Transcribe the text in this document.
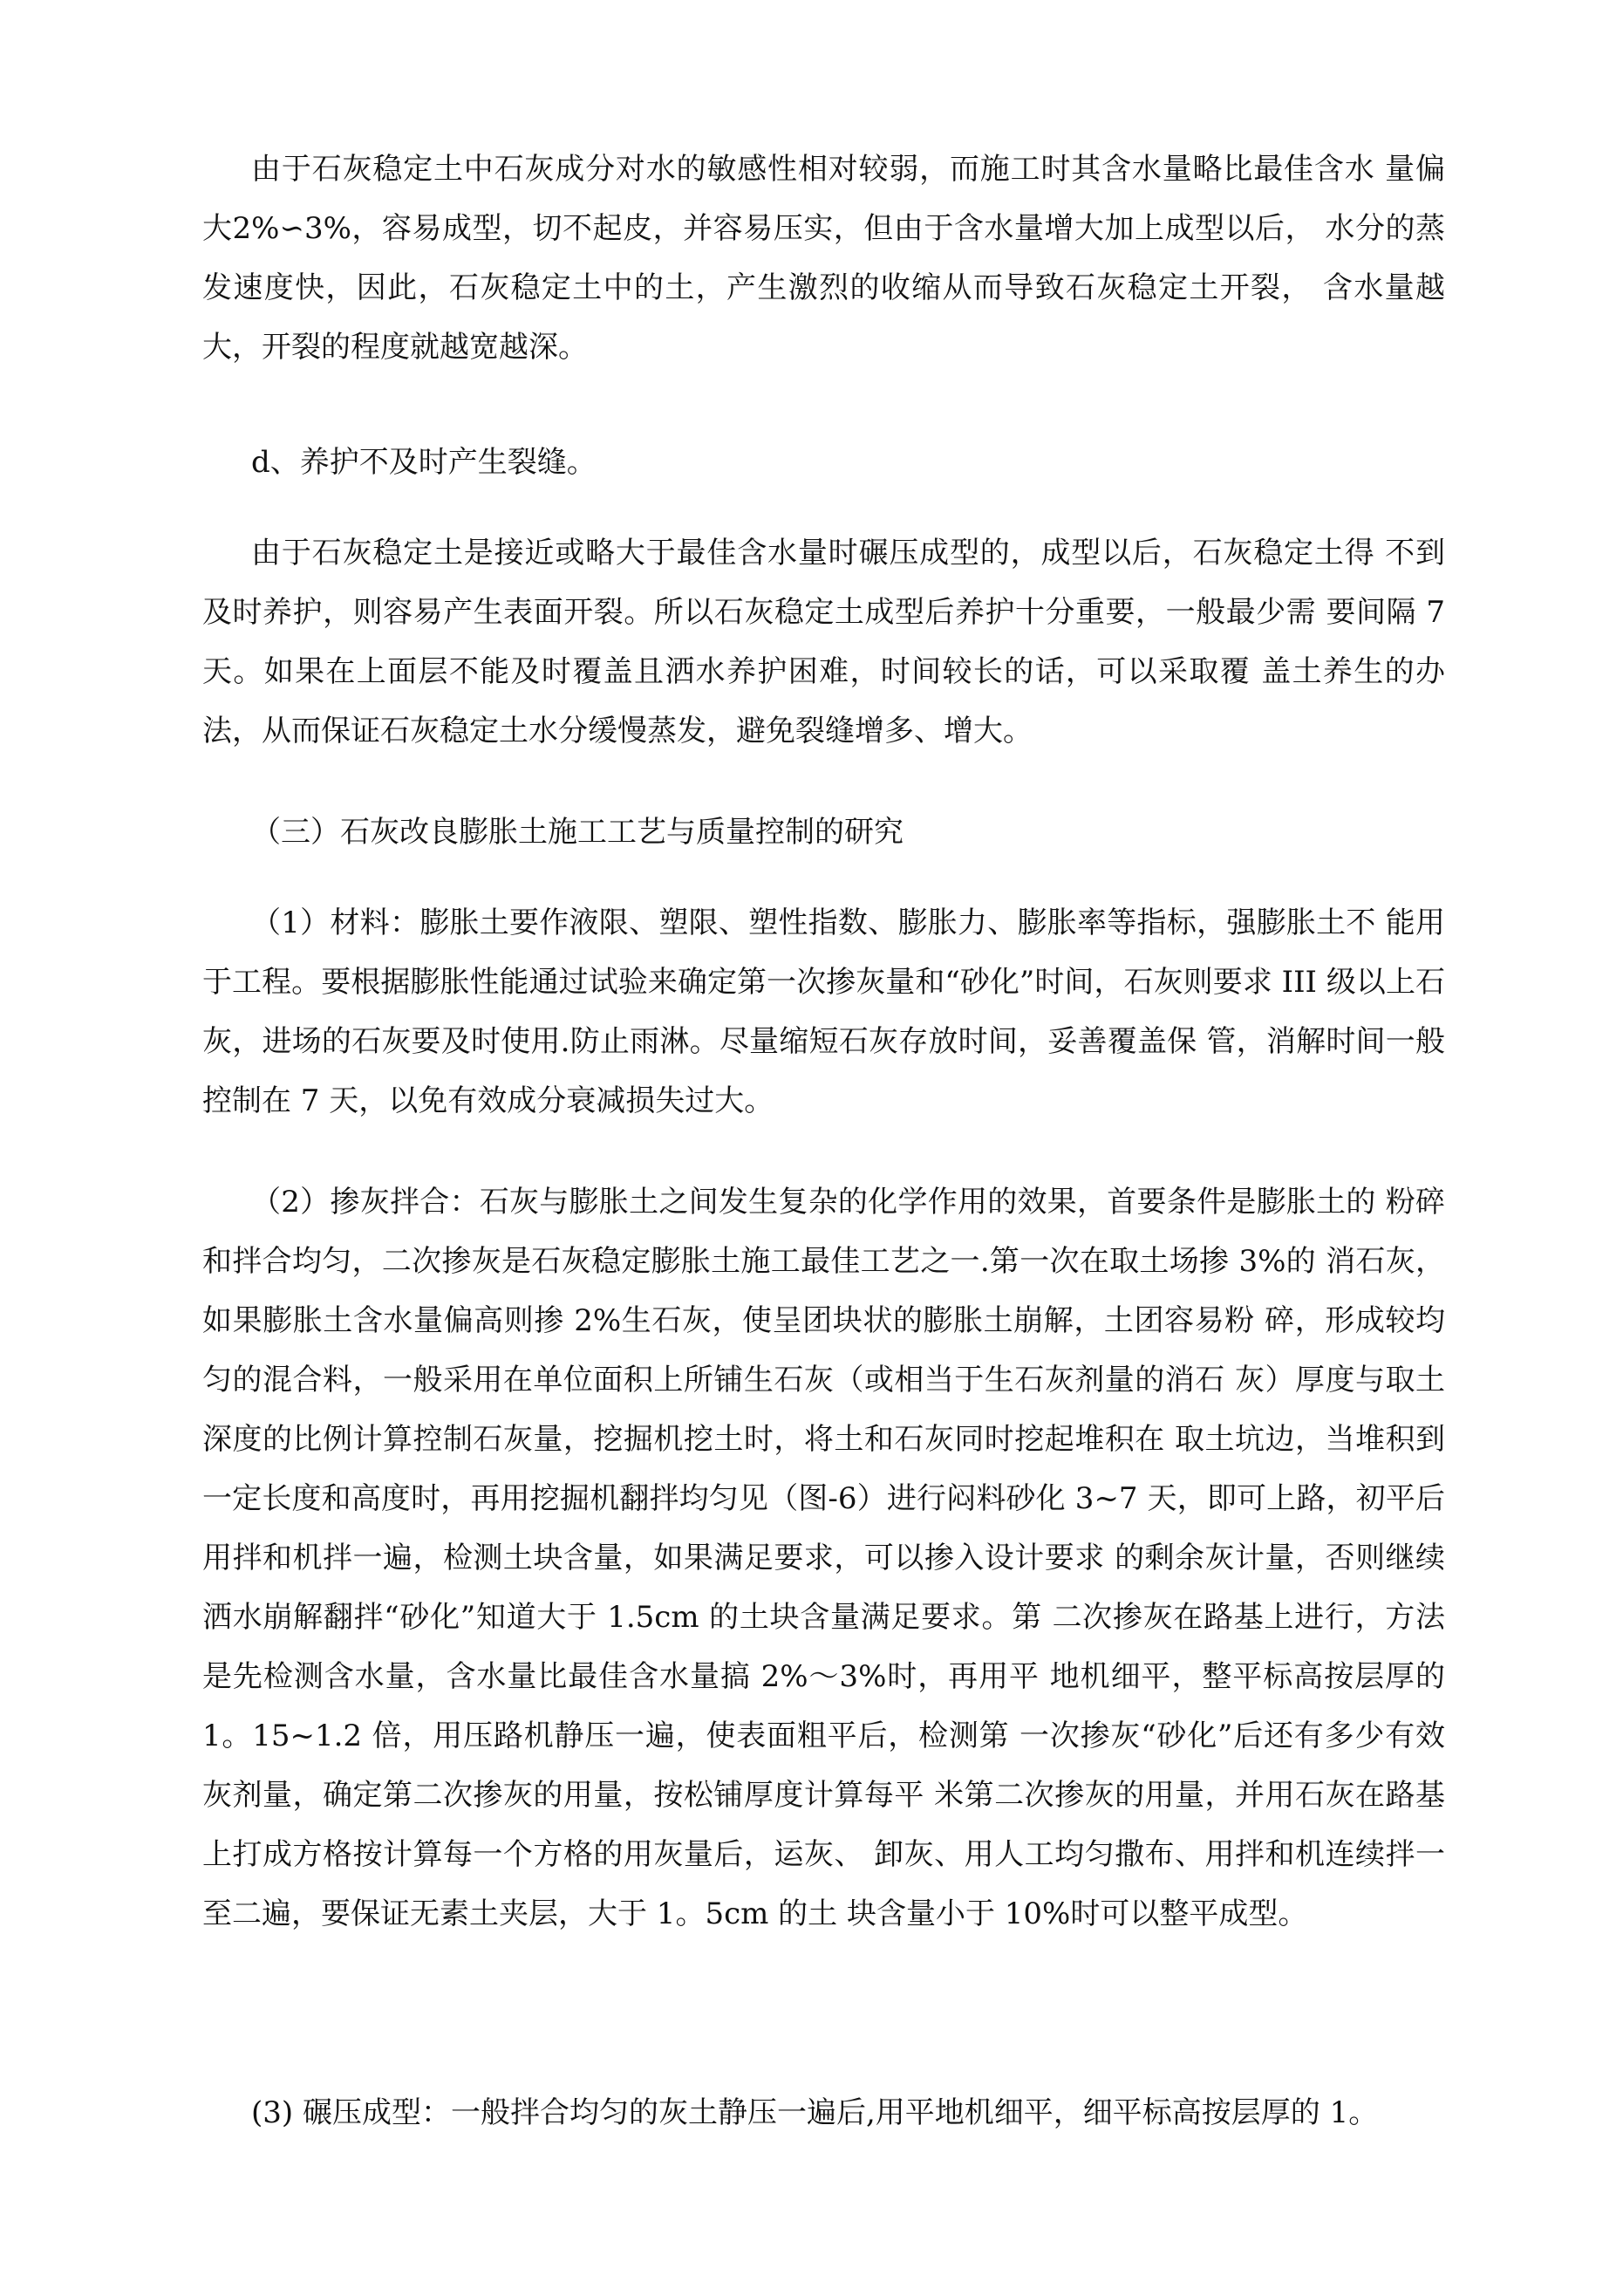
由于石灰稳定土中石灰成分对水的敏感性相对较弱，而施工时其含水量略比最佳含水 量偏大2%∽3%，容易成型，切不起皮，并容易压实，但由于含水量增大加上成型以后， 水分的蒸发速度快，因此，石灰稳定土中的土，产生激烈的收缩从而导致石灰稳定土开裂， 含水量越大，开裂的程度就越宽越深。

d、养护不及时产生裂缝。

由于石灰稳定土是接近或略大于最佳含水量时碾压成型的，成型以后，石灰稳定土得 不到及时养护，则容易产生表面开裂。所以石灰稳定土成型后养护十分重要，一般最少需 要间隔 7 天。如果在上面层不能及时覆盖且洒水养护困难，时间较长的话，可以采取覆 盖土养生的办法，从而保证石灰稳定土水分缓慢蒸发，避免裂缝增多、增大。

（三）石灰改良膨胀土施工工艺与质量控制的研究

（1）材料：膨胀土要作液限、塑限、塑性指数、膨胀力、膨胀率等指标，强膨胀土不 能用于工程。要根据膨胀性能通过试验来确定第一次掺灰量和“砂化”时间，石灰则要求 III 级以上石灰，进场的石灰要及时使用.防止雨淋。尽量缩短石灰存放时间，妥善覆盖保 管，消解时间一般控制在 7 天，以免有效成分衰减损失过大。

（2）掺灰拌合：石灰与膨胀土之间发生复杂的化学作用的效果，首要条件是膨胀土的 粉碎和拌合均匀，二次掺灰是石灰稳定膨胀土施工最佳工艺之一.第一次在取土场掺 3%的 消石灰，如果膨胀土含水量偏高则掺 2%生石灰，使呈团块状的膨胀土崩解，土团容易粉 碎，形成较均匀的混合料，一般采用在单位面积上所铺生石灰（或相当于生石灰剂量的消石 灰）厚度与取土深度的比例计算控制石灰量，挖掘机挖土时，将土和石灰同时挖起堆积在 取土坑边，当堆积到一定长度和高度时，再用挖掘机翻拌均匀见（图-6）进行闷料砂化 3~7 天，即可上路，初平后用拌和机拌一遍，检测土块含量，如果满足要求，可以掺入设计要求 的剩余灰计量，否则继续洒水崩解翻拌“砂化”知道大于 1.5cm 的土块含量满足要求。第 二次掺灰在路基上进行，方法是先检测含水量，含水量比最佳含水量搞 2%～3%时，再用平 地机细平，整平标高按层厚的 1。15~1.2 倍，用压路机静压一遍，使表面粗平后，检测第 一次掺灰“砂化”后还有多少有效灰剂量，确定第二次掺灰的用量，按松铺厚度计算每平 米第二次掺灰的用量，并用石灰在路基上打成方格按计算每一个方格的用灰量后，运灰、 卸灰、用人工均匀撒布、用拌和机连续拌一至二遍，要保证无素土夹层，大于 1。5cm 的土 块含量小于 10%时可以整平成型。

(3) 碾压成型：一般拌合均匀的灰土静压一遍后,用平地机细平，细平标高按层厚的 1。
